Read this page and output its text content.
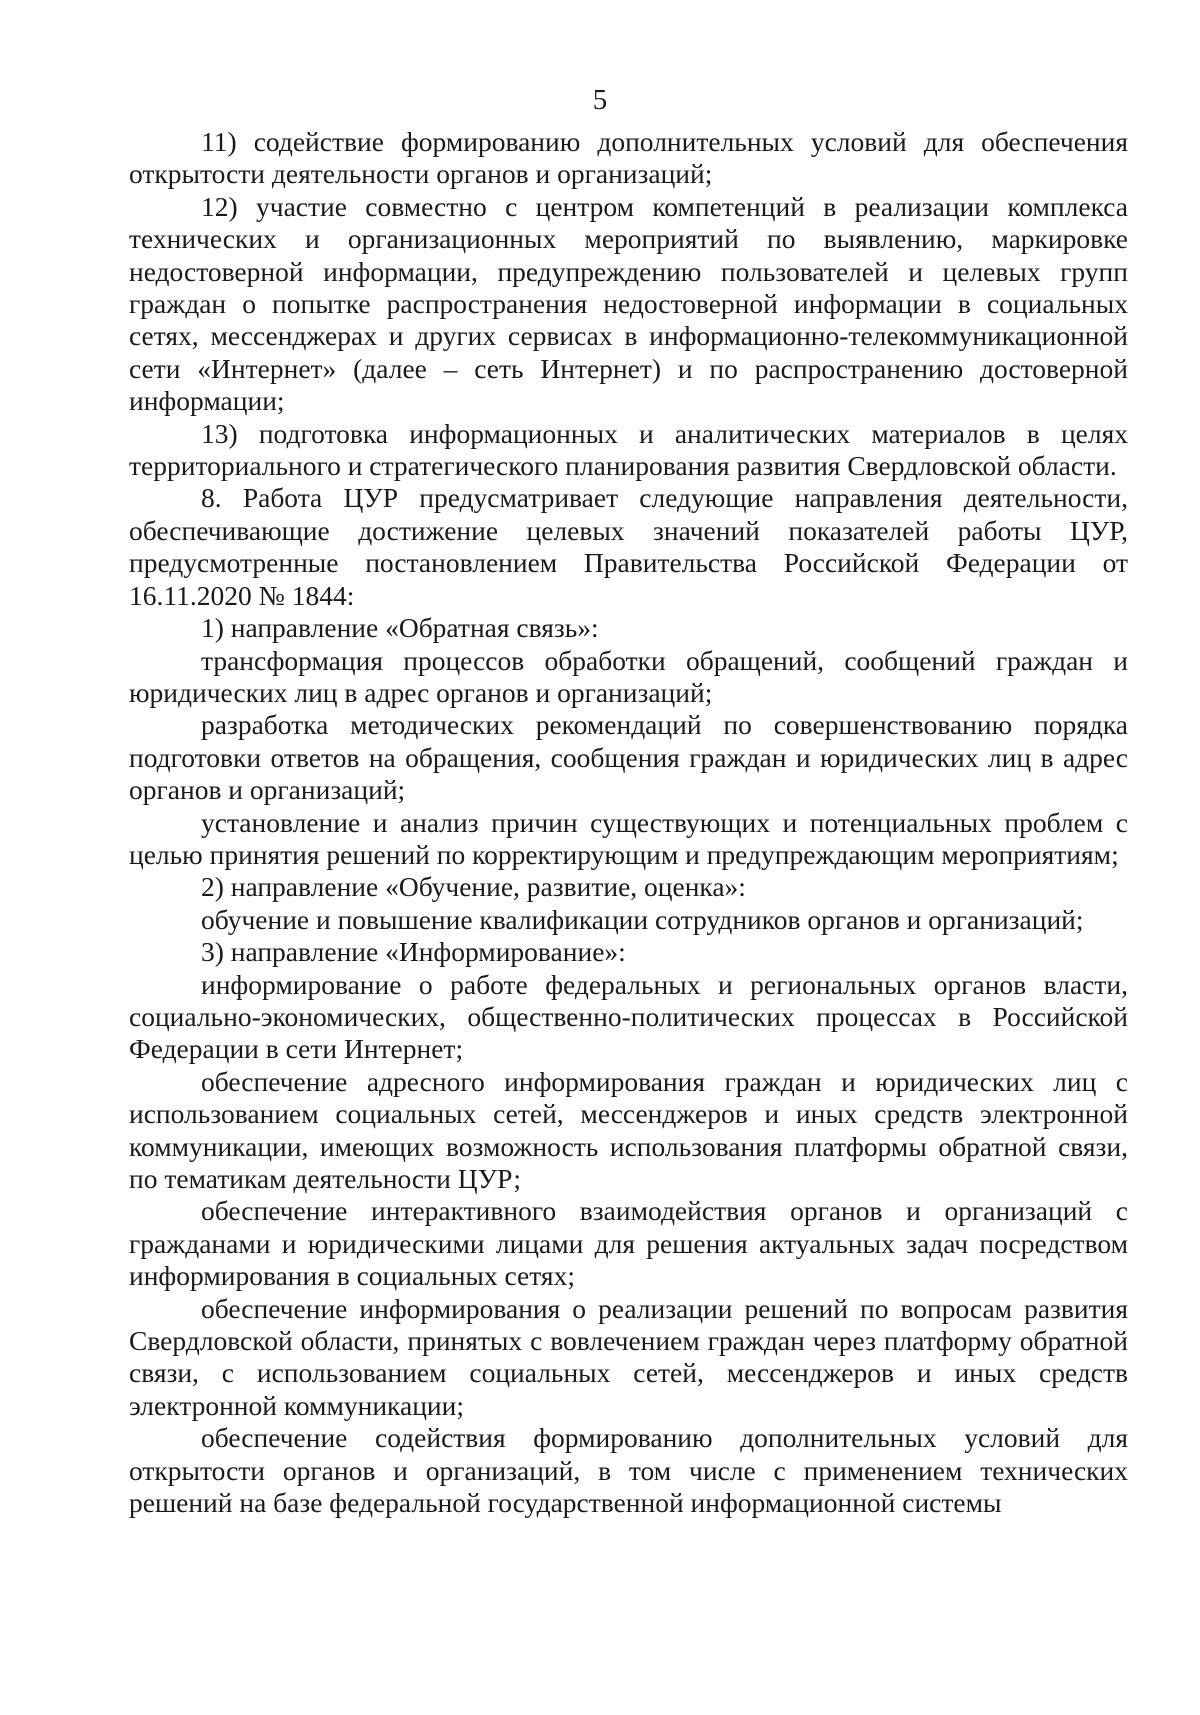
5

11) содействие формированию дополнительных условий для обеспечения открытости деятельности органов и организаций;

12) участие совместно с центром компетенций в реализации комплекса технических и организационных мероприятий по выявлению, маркировке недостоверной информации, предупреждению пользователей и целевых групп граждан о попытке распространения недостоверной информации в социальных сетях, мессенджерах и других сервисах в информационно-телекоммуникационной сети «Интернет» (далее – сеть Интернет) и по распространению достоверной информации;

13) подготовка информационных и аналитических материалов в целях территориального и стратегического планирования развития Свердловской области.

8. Работа ЦУР предусматривает следующие направления деятельности, обеспечивающие достижение целевых значений показателей работы ЦУР, предусмотренные постановлением Правительства Российской Федерации от 16.11.2020 № 1844:

1) направление «Обратная связь»:

трансформация процессов обработки обращений, сообщений граждан и юридических лиц в адрес органов и организаций;

разработка методических рекомендаций по совершенствованию порядка подготовки ответов на обращения, сообщения граждан и юридических лиц в адрес органов и организаций;

установление и анализ причин существующих и потенциальных проблем с целью принятия решений по корректирующим и предупреждающим мероприятиям;

2) направление «Обучение, развитие, оценка»:

обучение и повышение квалификации сотрудников органов и организаций;

3) направление «Информирование»:

информирование о работе федеральных и региональных органов власти, социально-экономических, общественно-политических процессах в Российской Федерации в сети Интернет;

обеспечение адресного информирования граждан и юридических лиц с использованием социальных сетей, мессенджеров и иных средств электронной коммуникации, имеющих возможность использования платформы обратной связи, по тематикам деятельности ЦУР;

обеспечение интерактивного взаимодействия органов и организаций с гражданами и юридическими лицами для решения актуальных задач посредством информирования в социальных сетях;

обеспечение информирования о реализации решений по вопросам развития Свердловской области, принятых с вовлечением граждан через платформу обратной связи, с использованием социальных сетей, мессенджеров и иных средств электронной коммуникации;

обеспечение содействия формированию дополнительных условий для открытости органов и организаций, в том числе с применением технических решений на базе федеральной государственной информационной системы
